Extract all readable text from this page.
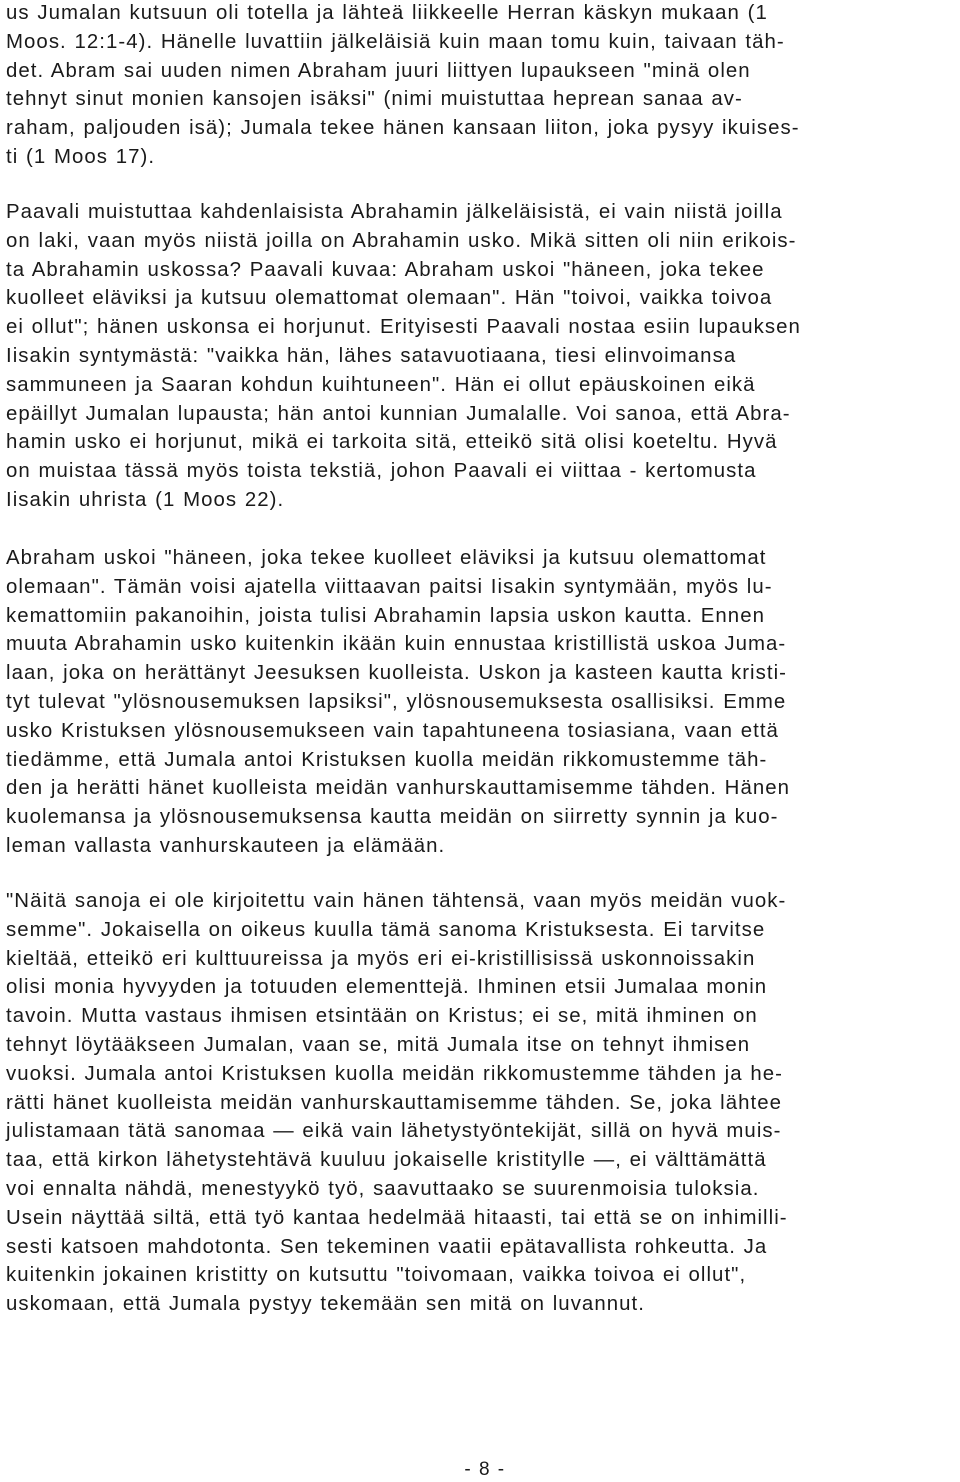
us Jumalan kutsuun oli totella ja lähteä liikkeelle Herran käskyn mukaan (1
Moos. 12:1-4). Hänelle luvattiin jälkeläisiä kuin maan tomu kuin, taivaan täh-
det. Abram sai uuden nimen Abraham juuri liittyen lupaukseen "minä olen
tehnyt sinut monien kansojen isäksi" (nimi muistuttaa heprean sanaa av-
raham, paljouden isä); Jumala tekee hänen kansaan liiton, joka pysyy ikuises-
ti (1 Moos 17).

Paavali muistuttaa kahdenlaisista Abrahamin jälkeläisistä, ei vain niistä joilla
on laki, vaan myös niistä joilla on Abrahamin usko. Mikä sitten oli niin erikois-
ta Abrahamin uskossa? Paavali kuvaa: Abraham uskoi "häneen, joka tekee
kuolleet eläviksi ja kutsuu olemattomat olemaan". Hän "toivoi, vaikka toivoa
ei ollut"; hänen uskonsa ei horjunut. Erityisesti Paavali nostaa esiin lupauksen
Iisakin syntymästä: "vaikka hän, lähes satavuotiaana, tiesi elinvoimansa
sammuneen ja Saaran kohdun kuihtuneen". Hän ei ollut epäuskoinen eikä
epäillyt Jumalan lupausta; hän antoi kunnian Jumalalle. Voi sanoa, että Abra-
hamin usko ei horjunut, mikä ei tarkoita sitä, etteikö sitä olisi koeteltu. Hyvä
on muistaa tässä myös toista tekstiä, johon Paavali ei viittaa - kertomusta
Iisakin uhrista (1 Moos 22).

Abraham uskoi "häneen, joka tekee kuolleet eläviksi ja kutsuu olemattomat
olemaan". Tämän voisi ajatella viittaavan paitsi Iisakin syntymään, myös lu-
kemattomiin pakanoihin, joista tulisi Abrahamin lapsia uskon kautta. Ennen
muuta Abrahamin usko kuitenkin ikään kuin ennustaa kristillistä uskoa Juma-
laan, joka on herättänyt Jeesuksen kuolleista. Uskon ja kasteen kautta kristi-
tyt tulevat "ylösnousemuksen lapsiksi", ylösnousemuksesta osallisiksi. Emme
usko Kristuksen ylösnousemukseen vain tapahtuneena tosiasiana, vaan että
tiedämme, että Jumala antoi Kristuksen kuolla meidän rikkomustemme täh-
den ja herätti hänet kuolleista meidän vanhurskauttamisemme tähden. Hänen
kuolemansa ja ylösnousemuksensa kautta meidän on siirretty synnin ja kuo-
leman vallasta vanhurskauteen ja elämään.

"Näitä sanoja ei ole kirjoitettu vain hänen tähtensä, vaan myös meidän vuok-
semme". Jokaisella on oikeus kuulla tämä sanoma Kristuksesta. Ei tarvitse
kieltää, etteikö eri kulttuureissa ja myös eri ei-kristillisissä uskonnoissakin
olisi monia hyvyyden ja totuuden elementtejä. Ihminen etsii Jumalaa monin
tavoin. Mutta vastaus ihmisen etsintään on Kristus; ei se, mitä ihminen on
tehnyt löytääkseen Jumalan, vaan se, mitä Jumala itse on tehnyt ihmisen
vuoksi. Jumala antoi Kristuksen kuolla meidän rikkomustemme tähden ja he-
rätti hänet kuolleista meidän vanhurskauttamisemme tähden. Se, joka lähtee
julistamaan tätä sanomaa — eikä vain lähetystyöntekijät, sillä on hyvä muis-
taa, että kirkon lähetystehtävä kuuluu jokaiselle kristitylle —, ei välttämättä
voi ennalta nähdä, menestyykö työ, saavuttaako se suurenmoisia tuloksia.
Usein näyttää siltä, että työ kantaa hedelmää hitaasti, tai että se on inhimilli-
sesti katsoen mahdotonta. Sen tekeminen vaatii epätavallista rohkeutta. Ja
kuitenkin jokainen kristitty on kutsuttu "toivomaan, vaikka toivoa ei ollut",
uskomaan, että Jumala pystyy tekemään sen mitä on luvannut.

- 8 -
